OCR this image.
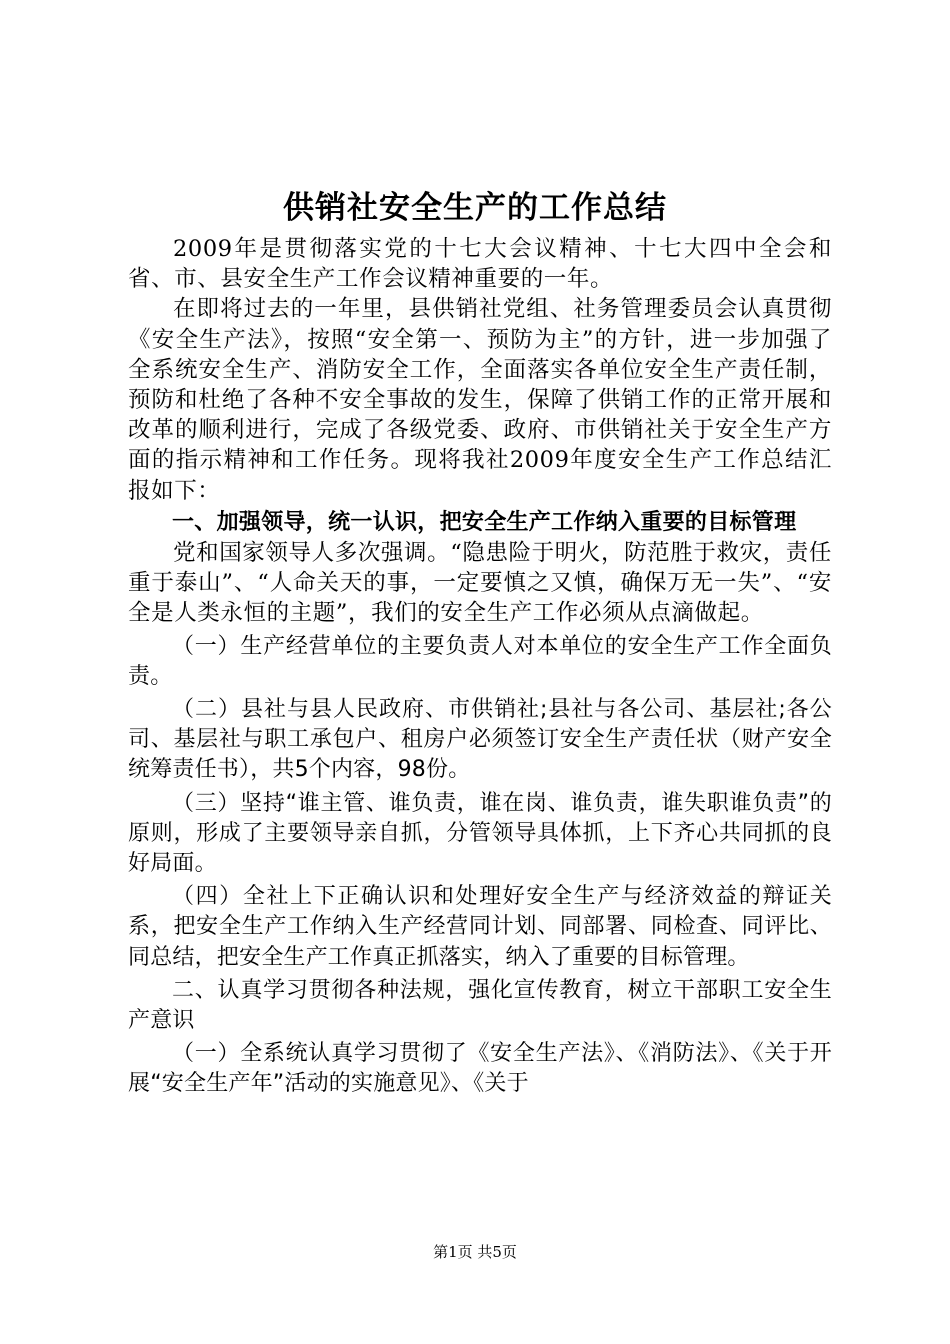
供销社安全生产的工作总结

2009年是贯彻落实党的十七大会议精神、十七大四中全会和省、市、县安全生产工作会议精神重要的一年。

在即将过去的一年里，县供销社党组、社务管理委员会认真贯彻《安全生产法》，按照“安全第一、预防为主”的方针，进一步加强了全系统安全生产、消防安全工作，全面落实各单位安全生产责任制，预防和杜绝了各种不安全事故的发生，保障了供销工作的正常开展和改革的顺利进行，完成了各级党委、政府、市供销社关于安全生产方面的指示精神和工作任务。现将我社2009年度安全生产工作总结汇报如下：

一、加强领导，统一认识，把安全生产工作纳入重要的目标管理

党和国家领导人多次强调。“隐患险于明火，防范胜于救灾，责任重于泰山”、“人命关天的事，一定要慎之又慎，确保万无一失”、“安全是人类永恒的主题”，我们的安全生产工作必须从点滴做起。

（一）生产经营单位的主要负责人对本单位的安全生产工作全面负责。

（二）县社与县人民政府、市供销社;县社与各公司、基层社;各公司、基层社与职工承包户、租房户必须签订安全生产责任状（财产安全统筹责任书），共5个内容，98份。

（三）坚持“谁主管、谁负责，谁在岗、谁负责，谁失职谁负责”的原则，形成了主要领导亲自抓，分管领导具体抓，上下齐心共同抓的良好局面。

（四）全社上下正确认识和处理好安全生产与经济效益的辩证关系，把安全生产工作纳入生产经营同计划、同部署、同检查、同评比、同总结，把安全生产工作真正抓落实，纳入了重要的目标管理。

二、认真学习贯彻各种法规，强化宣传教育，树立干部职工安全生产意识

（一）全系统认真学习贯彻了《安全生产法》、《消防法》、《关于开展“安全生产年”活动的实施意见》、《关于

第1页 共5页
